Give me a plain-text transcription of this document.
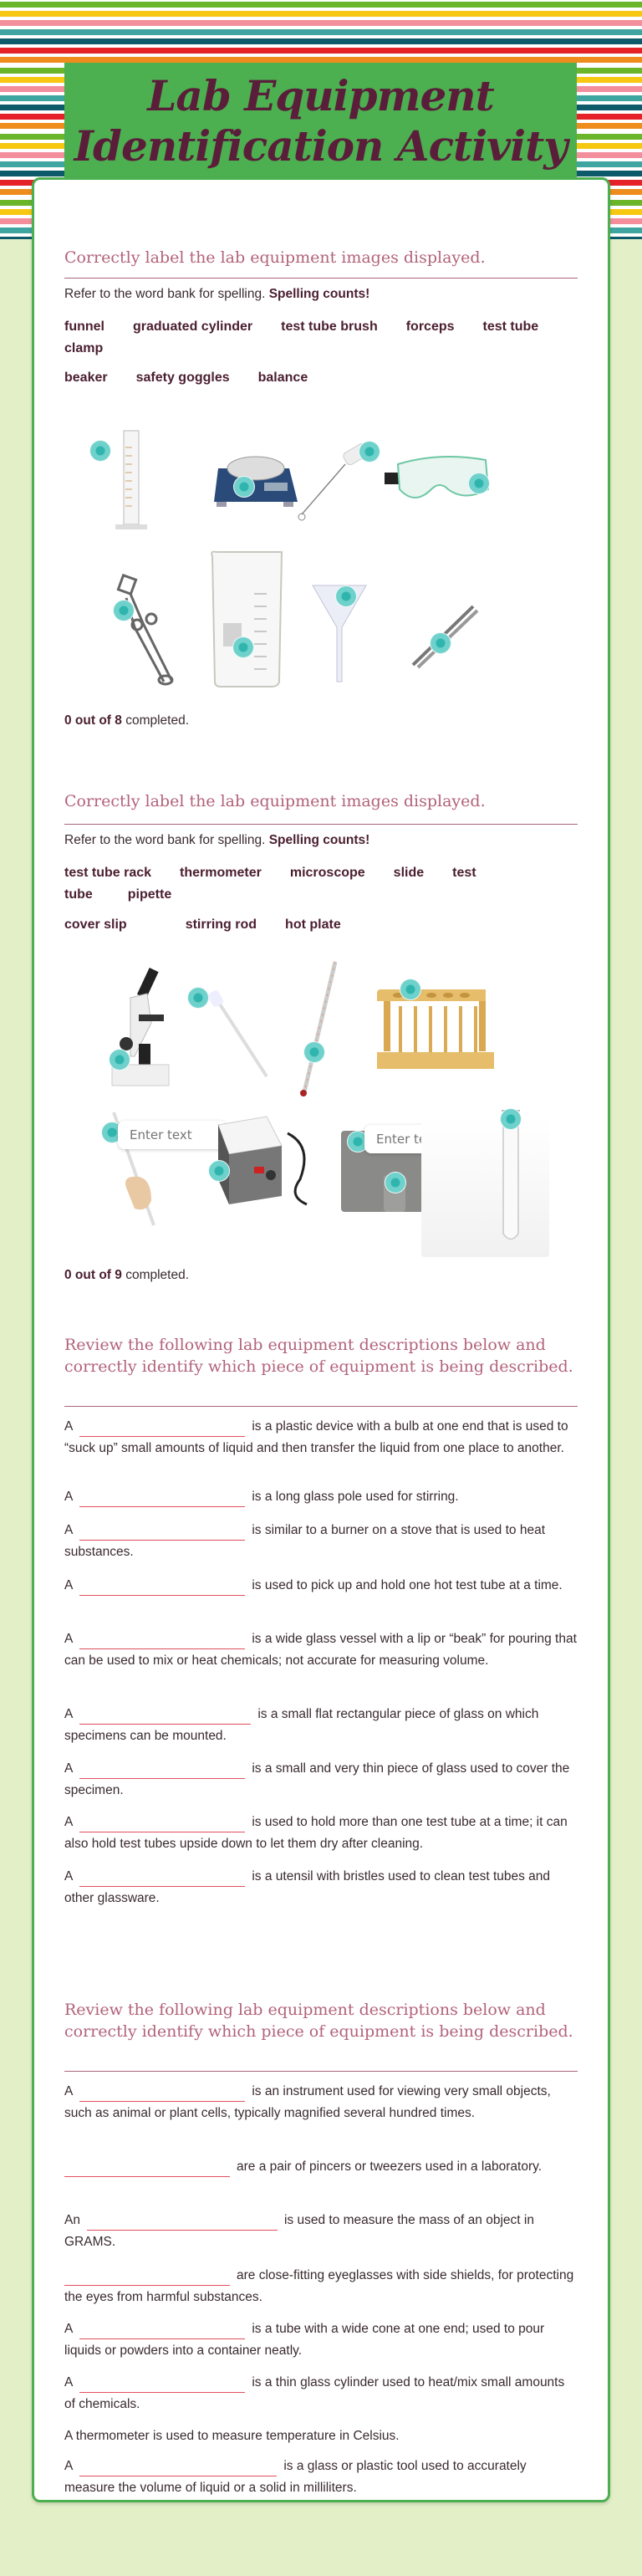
Lab Equipment
Identification Activity
Correctly label the lab equipment images displayed.
Refer to the word bank for spelling. Spelling counts!
funnel graduated cylinder test tube brush forceps test tube clamp
beaker safety goggles balance
0 out of 8 completed.
Correctly label the lab equipment images displayed.
Refer to the word bank for spelling. Spelling counts!
test tube rack thermometer microscope slide test tube	pipette
cover slip	stirring rod hot plate
Enter text
Enter text
0 out of 9 completed.
Review the following lab equipment descriptions below and correctly identify which piece of equipment is being described.

A	is a plastic device with a bulb at one end that is used to “suck up” small amounts of liquid and then transfer the liquid from one place to another.

A	is a long glass pole used for stirring.

A	is similar to a burner on a stove that is used to heat substances.

A	is used to pick up and hold one hot test tube at a time.

A	is a wide glass vessel with a lip or “beak” for pouring that can be used to mix or heat chemicals; not accurate for measuring volume.

A	is a small flat rectangular piece of glass on which specimens can be mounted.

A	is a small and very thin piece of glass used to cover the specimen.

A	is used to hold more than one test tube at a time; it can also hold test tubes upside down to let them dry after cleaning.

A	is a utensil with bristles used to clean test tubes and other glassware.

Review the following lab equipment descriptions below and correctly identify which piece of equipment is being described.

A	is an instrument used for viewing very small objects, such as animal or plant cells, typically magnified several hundred times.

are a pair of pincers or tweezers used in a laboratory.

An	is used to measure the mass of an object in GRAMS.

are close-fitting eyeglasses with side shields, for protecting the eyes from harmful substances.

A	is a tube with a wide cone at one end; used to pour liquids or powders into a container neatly.

A	is a thin glass cylinder used to heat/mix small amounts of chemicals.

A thermometer is used to measure temperature in Celsius.

A	is a glass or plastic tool used to accurately measure the volume of liquid or a solid in milliliters.
